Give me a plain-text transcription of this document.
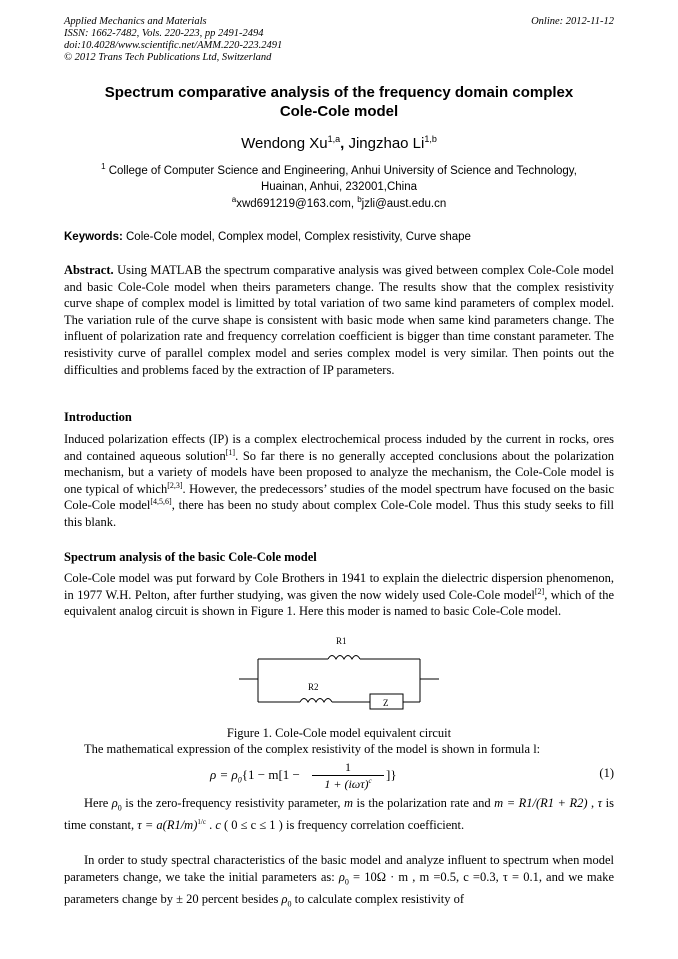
Applied Mechanics and Materials
ISSN: 1662-7482, Vols. 220-223, pp 2491-2494
doi:10.4028/www.scientific.net/AMM.220-223.2491
© 2012 Trans Tech Publications Ltd, Switzerland
Online: 2012-11-12
Spectrum comparative analysis of the frequency domain complex
Cole-Cole model
Wendong Xu$^{1,a}$, Jingzhao Li$^{1,b}$
$^1$ College of Computer Science and Engineering, Anhui University of Science and Technology,
Huainan, Anhui, 232001,China
$^a$xwd691219@163.com, $^b$jzli@aust.edu.cn
Keywords: Cole-Cole model, Complex model, Complex resistivity, Curve shape
Abstract. Using MATLAB the spectrum comparative analysis was gived between complex Cole-Cole model and basic Cole-Cole model when theirs parameters change. The results show that the complex resistivity curve shape of complex model is limitted by total variation of two same kind parameters of complex model. The variation rule of the curve shape is consistent with basic mode when same kind parameters change. The influent of polarization rate and frequency correlation coefficient is bigger than time constant parameter. The resistivity curve of parallel complex model and series complex model is very similar. Then points out the difficulties and problems faced by the extraction of IP parameters.
Introduction
Induced polarization effects (IP) is a complex electrochemical process induded by the current in rocks, ores and contained aqueous solution[1]. So far there is no generally accepted conclusions about the polarization mechanism, but a variety of models have been proposed to analyze the mechanism, the Cole-Cole model is one typical of which[2,3]. However, the predecessors’ studies of the model spectrum have focused on the basic Cole-Cole model[4,5,6], there has been no study about complex Cole-Cole model. Thus this study seeks to fill this blank.
Spectrum analysis of the basic Cole-Cole model
Cole-Cole model was put forward by Cole Brothers in 1941 to explain the dielectric dispersion phenomenon, in 1977 W.H. Pelton, after further studying, was given the now widely used Cole-Cole model[2], which of the equivalent analog circuit is shown in Figure 1. Here this moder is named to basic Cole-Cole model.
R1
R2
Z
Figure 1. Cole-Cole model equivalent circuit
The mathematical expression of the complex resistivity of the model is shown in formula l:
$\rho = \rho_0\{1 - m[1$ −	1
$1 + (i\omega\tau)^c$	]}	(1)
Here $\rho_0$ is the zero-frequency resistivity parameter, m is the polarization rate and m = R1/(R1 + R2) , τ is time constant, $\tau = a(R1/m)^{1/c}$ . c ( 0 ≤ c ≤ 1 ) is frequency correlation coefficient.
In order to study spectral characteristics of the basic model and analyze influent to spectrum when model parameters change, we take the initial parameters as: $\rho_0 = 10\Omega \cdot m$ , m =0.5, c =0.3, τ = 0.1, and we make parameters change by ± 20 percent besides $\rho_0$ to calculate complex resistivity of
